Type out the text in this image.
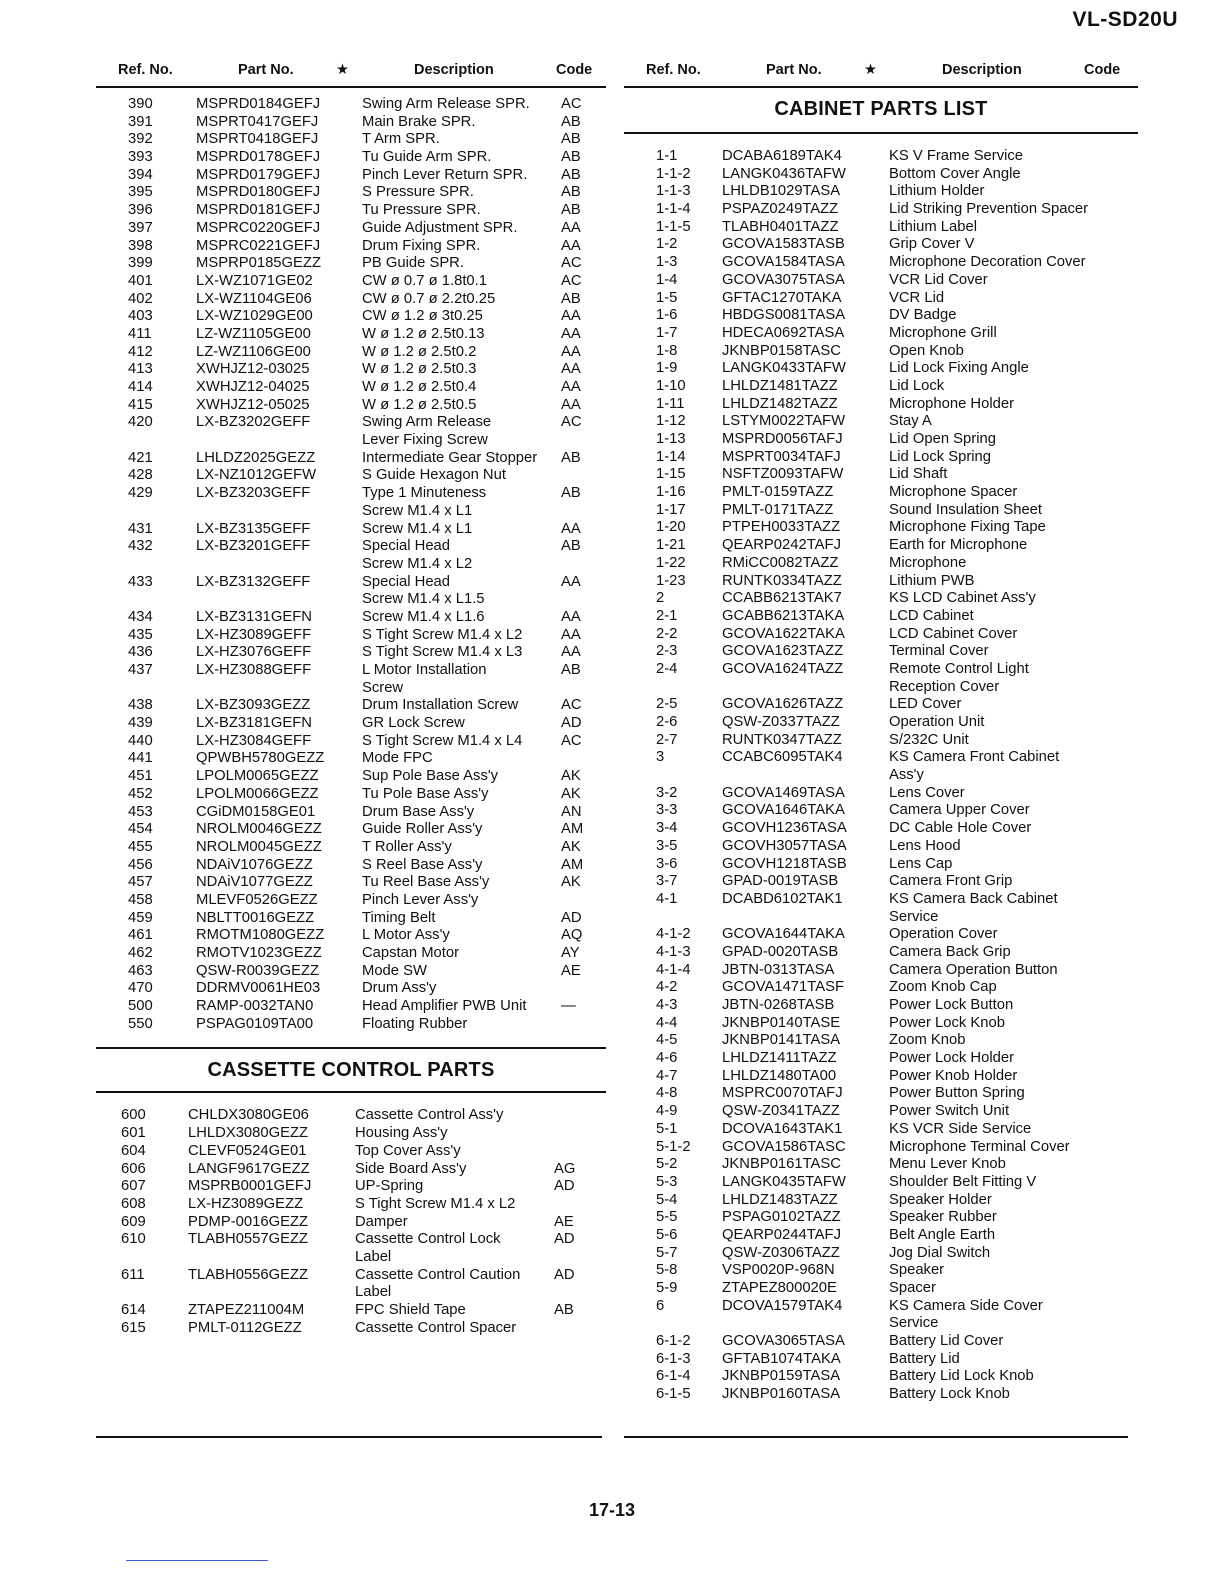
VL-SD20U
Ref. No.	Part No.	★	Description	Code
390	MSPRD0184GEFJ	Swing Arm Release SPR. AC
391	MSPRT0417GEFJ	Main Brake SPR.	AB
392	MSPRT0418GEFJ	T Arm SPR.	AB
393	MSPRD0178GEFJ	Tu Guide Arm SPR.	AB
394	MSPRD0179GEFJ	Pinch Lever Return SPR. AB
395	MSPRD0180GEFJ	S Pressure SPR.	AB
396	MSPRD0181GEFJ	Tu Pressure SPR.	AB
397	MSPRC0220GEFJ	Guide Adjustment SPR.	AA
398	MSPRC0221GEFJ	Drum Fixing SPR.	AA
399	MSPRP0185GEZZ	PB Guide SPR.	AC
401	LX-WZ1071GE02	CW ø 0.7 ø 1.8t0.1	AC
402	LX-WZ1104GE06	CW ø 0.7 ø 2.2t0.25	AB
403	LX-WZ1029GE00	CW ø 1.2 ø 3t0.25	AA
411	LZ-WZ1105GE00	W ø 1.2 ø 2.5t0.13	AA
412	LZ-WZ1106GE00	W ø 1.2 ø 2.5t0.2	AA
413	XWHJZ12-03025	W ø 1.2 ø 2.5t0.3	AA
414	XWHJZ12-04025	W ø 1.2 ø 2.5t0.4	AA
415	XWHJZ12-05025	W ø 1.2 ø 2.5t0.5	AA
420	LX-BZ3202GEFF	Swing Arm Release	AC
Lever Fixing Screw
421	LHLDZ2025GEZZ	Intermediate Gear Stopper AB
428	LX-NZ1012GEFW	S Guide Hexagon Nut
429	LX-BZ3203GEFF	Type 1 Minuteness	AB
Screw M1.4 x L1
431	LX-BZ3135GEFF	Screw M1.4 x L1	AA
432	LX-BZ3201GEFF	Special Head	AB
Screw M1.4 x L2
433	LX-BZ3132GEFF	Special Head	AA
Screw M1.4 x L1.5
434	LX-BZ3131GEFN	Screw M1.4 x L1.6	AA
435	LX-HZ3089GEFF	S Tight Screw M1.4 x L2	AA
436	LX-HZ3076GEFF	S Tight Screw M1.4 x L3	AA
437	LX-HZ3088GEFF	L Motor Installation	AB
Screw
438	LX-BZ3093GEZZ	Drum Installation Screw	AC
439	LX-BZ3181GEFN	GR Lock Screw	AD
440	LX-HZ3084GEFF	S Tight Screw M1.4 x L4	AC
441	QPWBH5780GEZZ	Mode FPC
451	LPOLM0065GEZZ	Sup Pole Base Ass'y	AK
452	LPOLM0066GEZZ	Tu Pole Base Ass'y	AK
453	CGiDM0158GE01	Drum Base Ass'y	AN
454	NROLM0046GEZZ	Guide Roller Ass'y	AM
455	NROLM0045GEZZ	T Roller Ass'y	AK
456	NDAiV1076GEZZ	S Reel Base Ass'y	AM
457	NDAiV1077GEZZ	Tu Reel Base Ass'y	AK
458	MLEVF0526GEZZ	Pinch Lever Ass'y
459	NBLTT0016GEZZ	Timing Belt	AD
461	RMOTM1080GEZZ	L Motor Ass'y	AQ
462	RMOTV1023GEZZ	Capstan Motor	AY
463	QSW-R0039GEZZ	Mode SW	AE
470	DDRMV0061HE03	Drum Ass'y
500	RAMP-0032TAN0	Head Amplifier PWB Unit —
550	PSPAG0109TA00	Floating Rubber
CASSETTE CONTROL PARTS
600	CHLDX3080GE06	Cassette Control Ass'y
601	LHLDX3080GEZZ	Housing Ass'y
604	CLEVF0524GE01	Top Cover Ass'y
606	LANGF9617GEZZ	Side Board Ass'y	AG
607	MSPRB0001GEFJ	UP-Spring	AD
608	LX-HZ3089GEZZ	S Tight Screw M1.4 x L2
609	PDMP-0016GEZZ	Damper	AE
610	TLABH0557GEZZ	Cassette Control Lock	AD
Label
611	TLABH0556GEZZ	Cassette Control Caution AD
Label
614	ZTAPEZ211004M	FPC Shield Tape	AB
615	PMLT-0112GEZZ	Cassette Control Spacer
Ref. No.	Part No.	★	Description	Code
CABINET PARTS LIST
1-1	DCABA6189TAK4	KS V Frame Service
1-1-2 LANGK0436TAFW	Bottom Cover Angle
1-1-3 LHLDB1029TASA	Lithium Holder
1-1-4 PSPAZ0249TAZZ	Lid Striking Prevention Spacer
1-1-5 TLABH0401TAZZ	Lithium Label
1-2	GCOVA1583TASB	Grip Cover V
1-3	GCOVA1584TASA	Microphone Decoration Cover
1-4	GCOVA3075TASA	VCR Lid Cover
1-5	GFTAC1270TAKA	VCR Lid
1-6	HBDGS0081TASA	DV Badge
1-7	HDECA0692TASA	Microphone Grill
1-8	JKNBP0158TASC	Open Knob
1-9	LANGK0433TAFW	Lid Lock Fixing Angle
1-10 LHLDZ1481TAZZ	Lid Lock
1-11	LHLDZ1482TAZZ	Microphone Holder
1-12 LSTYM0022TAFW	Stay A
1-13 MSPRD0056TAFJ	Lid Open Spring
1-14 MSPRT0034TAFJ	Lid Lock Spring
1-15 NSFTZ0093TAFW	Lid Shaft
1-16 PMLT-0159TAZZ	Microphone Spacer
1-17 PMLT-0171TAZZ	Sound Insulation Sheet
1-20 PTPEH0033TAZZ	Microphone Fixing Tape
1-21 QEARP0242TAFJ	Earth for Microphone
1-22 RMiCC0082TAZZ	Microphone
1-23 RUNTK0334TAZZ	Lithium PWB
2	CCABB6213TAK7	KS LCD Cabinet Ass'y
2-1	GCABB6213TAKA	LCD Cabinet
2-2	GCOVA1622TAKA	LCD Cabinet Cover
2-3	GCOVA1623TAZZ	Terminal Cover
2-4	GCOVA1624TAZZ	Remote Control Light
Reception Cover
2-5	GCOVA1626TAZZ	LED Cover
2-6	QSW-Z0337TAZZ	Operation Unit
2-7	RUNTK0347TAZZ	S/232C Unit
3	CCABC6095TAK4	KS Camera Front Cabinet
Ass'y
3-2	GCOVA1469TASA	Lens Cover
3-3	GCOVA1646TAKA	Camera Upper Cover
3-4	GCOVH1236TASA	DC Cable Hole Cover
3-5	GCOVH3057TASA	Lens Hood
3-6	GCOVH1218TASB	Lens Cap
3-7	GPAD-0019TASB	Camera Front Grip
4-1	DCABD6102TAK1	KS Camera Back Cabinet
Service
4-1-2 GCOVA1644TAKA	Operation Cover
4-1-3 GPAD-0020TASB	Camera Back Grip
4-1-4 JBTN-0313TASA	Camera Operation Button
4-2	GCOVA1471TASF	Zoom Knob Cap
4-3	JBTN-0268TASB	Power Lock Button
4-4	JKNBP0140TASE	Power Lock Knob
4-5	JKNBP0141TASA	Zoom Knob
4-6	LHLDZ1411TAZZ	Power Lock Holder
4-7	LHLDZ1480TA00	Power Knob Holder
4-8	MSPRC0070TAFJ	Power Button Spring
4-9	QSW-Z0341TAZZ	Power Switch Unit
5-1	DCOVA1643TAK1	KS VCR Side Service
5-1-2 GCOVA1586TASC	Microphone Terminal Cover
5-2	JKNBP0161TASC	Menu Lever Knob
5-3	LANGK0435TAFW	Shoulder Belt Fitting V
5-4	LHLDZ1483TAZZ	Speaker Holder
5-5	PSPAG0102TAZZ	Speaker Rubber
5-6	QEARP0244TAFJ	Belt Angle Earth
5-7	QSW-Z0306TAZZ	Jog Dial Switch
5-8	VSP0020P-968N	Speaker
5-9	ZTAPEZ800020E	Spacer
6	DCOVA1579TAK4	KS Camera Side Cover
Service
6-1-2 GCOVA3065TASA	Battery Lid Cover
6-1-3 GFTAB1074TAKA	Battery Lid
6-1-4 JKNBP0159TASA	Battery Lid Lock Knob
6-1-5 JKNBP0160TASA	Battery Lock Knob
17-13
